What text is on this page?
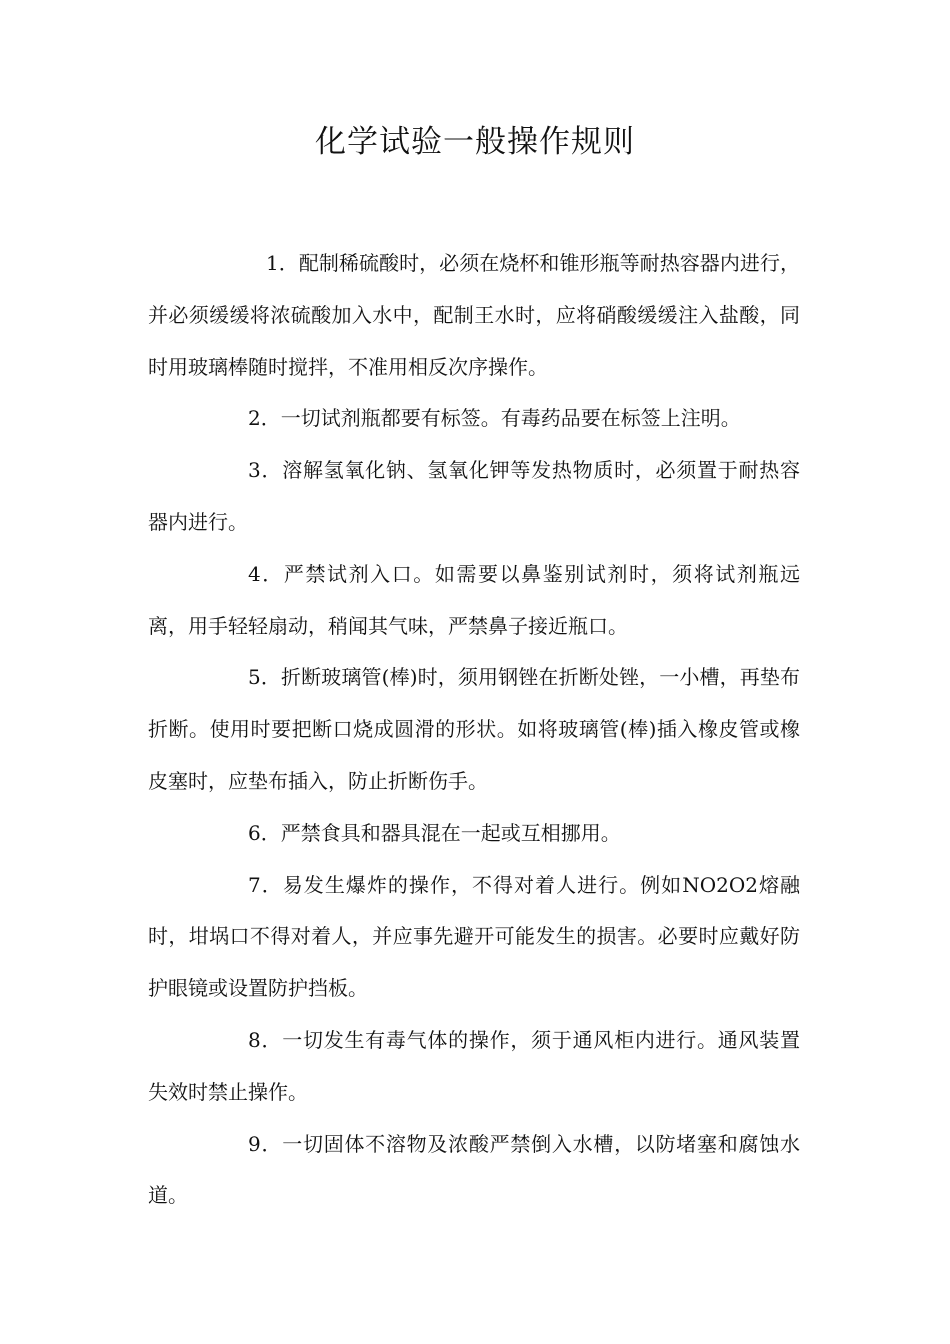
化学试验一般操作规则

1．配制稀硫酸时，必须在烧杯和锥形瓶等耐热容器内进行，并必须缓缓将浓硫酸加入水中，配制王水时，应将硝酸缓缓注入盐酸，同时用玻璃棒随时搅拌，不准用相反次序操作。

2．一切试剂瓶都要有标签。有毒药品要在标签上注明。

3．溶解氢氧化钠、氢氧化钾等发热物质时，必须置于耐热容器内进行。

4．严禁试剂入口。如需要以鼻鉴别试剂时，须将试剂瓶远离，用手轻轻扇动，稍闻其气味，严禁鼻子接近瓶口。

5．折断玻璃管(棒)时，须用钢锉在折断处锉，一小槽，再垫布折断。使用时要把断口烧成圆滑的形状。如将玻璃管(棒)插入橡皮管或橡皮塞时，应垫布插入，防止折断伤手。

6．严禁食具和器具混在一起或互相挪用。

7．易发生爆炸的操作，不得对着人进行。例如NO2O2熔融时，坩埚口不得对着人，并应事先避开可能发生的损害。必要时应戴好防护眼镜或设置防护挡板。

8．一切发生有毒气体的操作，须于通风柜内进行。通风装置失效时禁止操作。

9．一切固体不溶物及浓酸严禁倒入水槽，以防堵塞和腐蚀水道。
